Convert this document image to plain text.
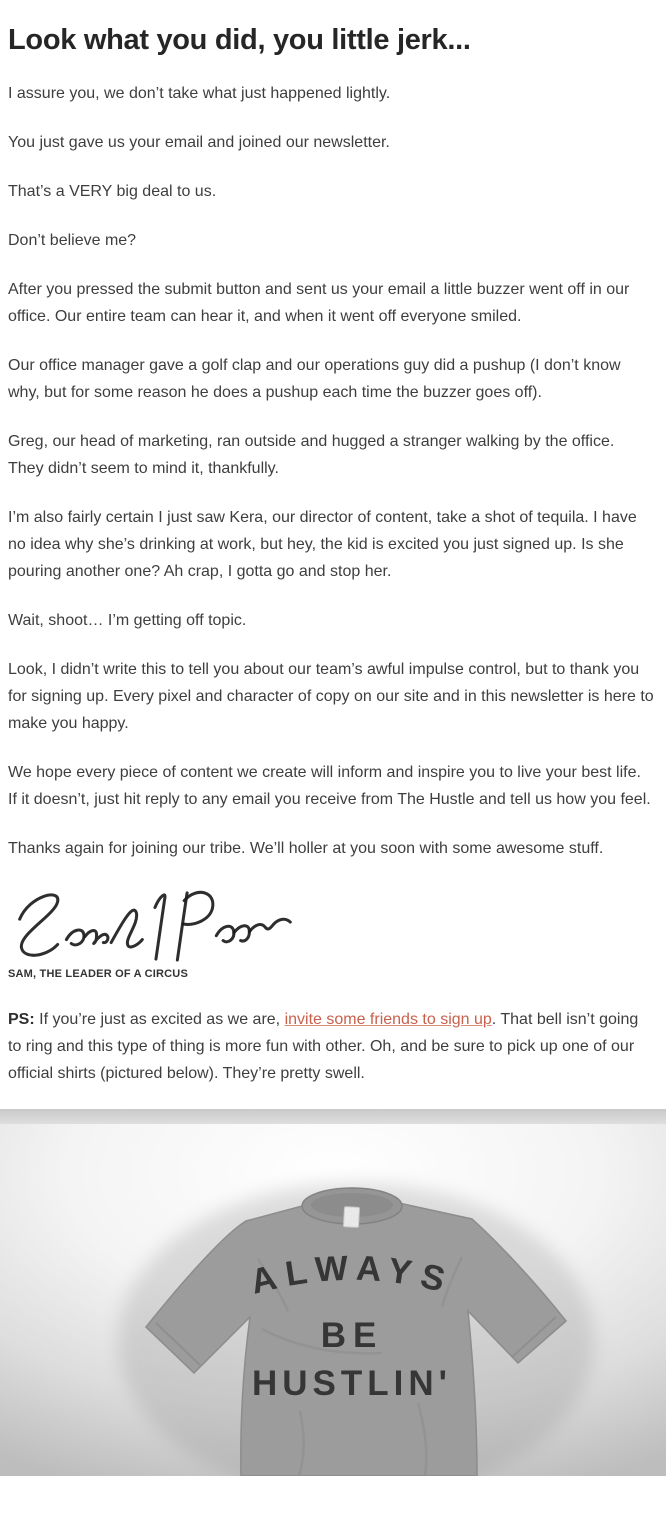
Look what you did, you little jerk...

I assure you, we don’t take what just happened lightly.

You just gave us your email and joined our newsletter.

That’s a VERY big deal to us.

Don’t believe me?

After you pressed the submit button and sent us your email a little buzzer went off in our office. Our entire team can hear it, and when it went off everyone smiled.

Our office manager gave a golf clap and our operations guy did a pushup (I don’t know why, but for some reason he does a pushup each time the buzzer goes off).

Greg, our head of marketing, ran outside and hugged a stranger walking by the office. They didn’t seem to mind it, thankfully.

I’m also fairly certain I just saw Kera, our director of content, take a shot of tequila. I have no idea why she’s drinking at work, but hey, the kid is excited you just signed up. Is she pouring another one? Ah crap, I gotta go and stop her.

Wait, shoot… I’m getting off topic.

Look, I didn’t write this to tell you about our team’s awful impulse control, but to thank you for signing up. Every pixel and character of copy on our site and in this newsletter is here to make you happy.

We hope every piece of content we create will inform and inspire you to live your best life. If it doesn’t, just hit reply to any email you receive from The Hustle and tell us how you feel.

Thanks again for joining our tribe. We’ll holler at you soon with some awesome stuff.

SAM, THE LEADER OF A CIRCUS

PS: If you’re just as excited as we are, invite some friends to sign up. That bell isn’t going to ring and this type of thing is more fun with other. Oh, and be sure to pick up one of our official shirts (pictured below). They’re pretty swell.

ALWAYS
BE
HUSTLIN'
